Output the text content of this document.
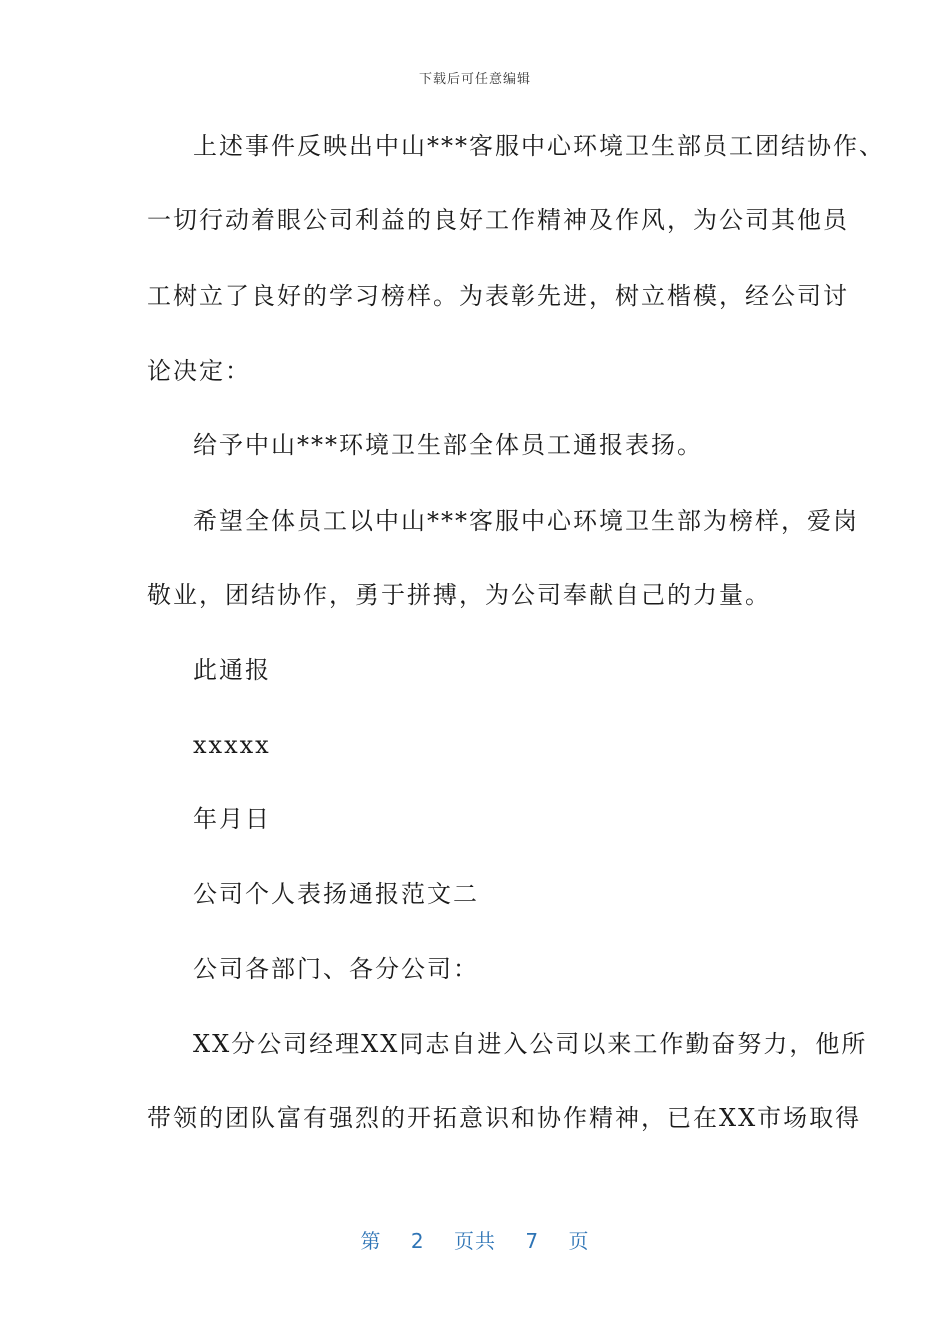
下载后可任意编辑
上述事件反映出中山***客服中心环境卫生部员工团结协作、
一切行动着眼公司利益的良好工作精神及作风，为公司其他员
工树立了良好的学习榜样。为表彰先进，树立楷模，经公司讨
论决定：
给予中山***环境卫生部全体员工通报表扬。
希望全体员工以中山***客服中心环境卫生部为榜样，爱岗
敬业，团结协作，勇于拼搏，为公司奉献自己的力量。
此通报
xxxxx
年月日
公司个人表扬通报范文二
公司各部门、各分公司：
XX分公司经理XX同志自进入公司以来工作勤奋努力，他所
带领的团队富有强烈的开拓意识和协作精神，已在XX市场取得
第 2 页共 7 页
